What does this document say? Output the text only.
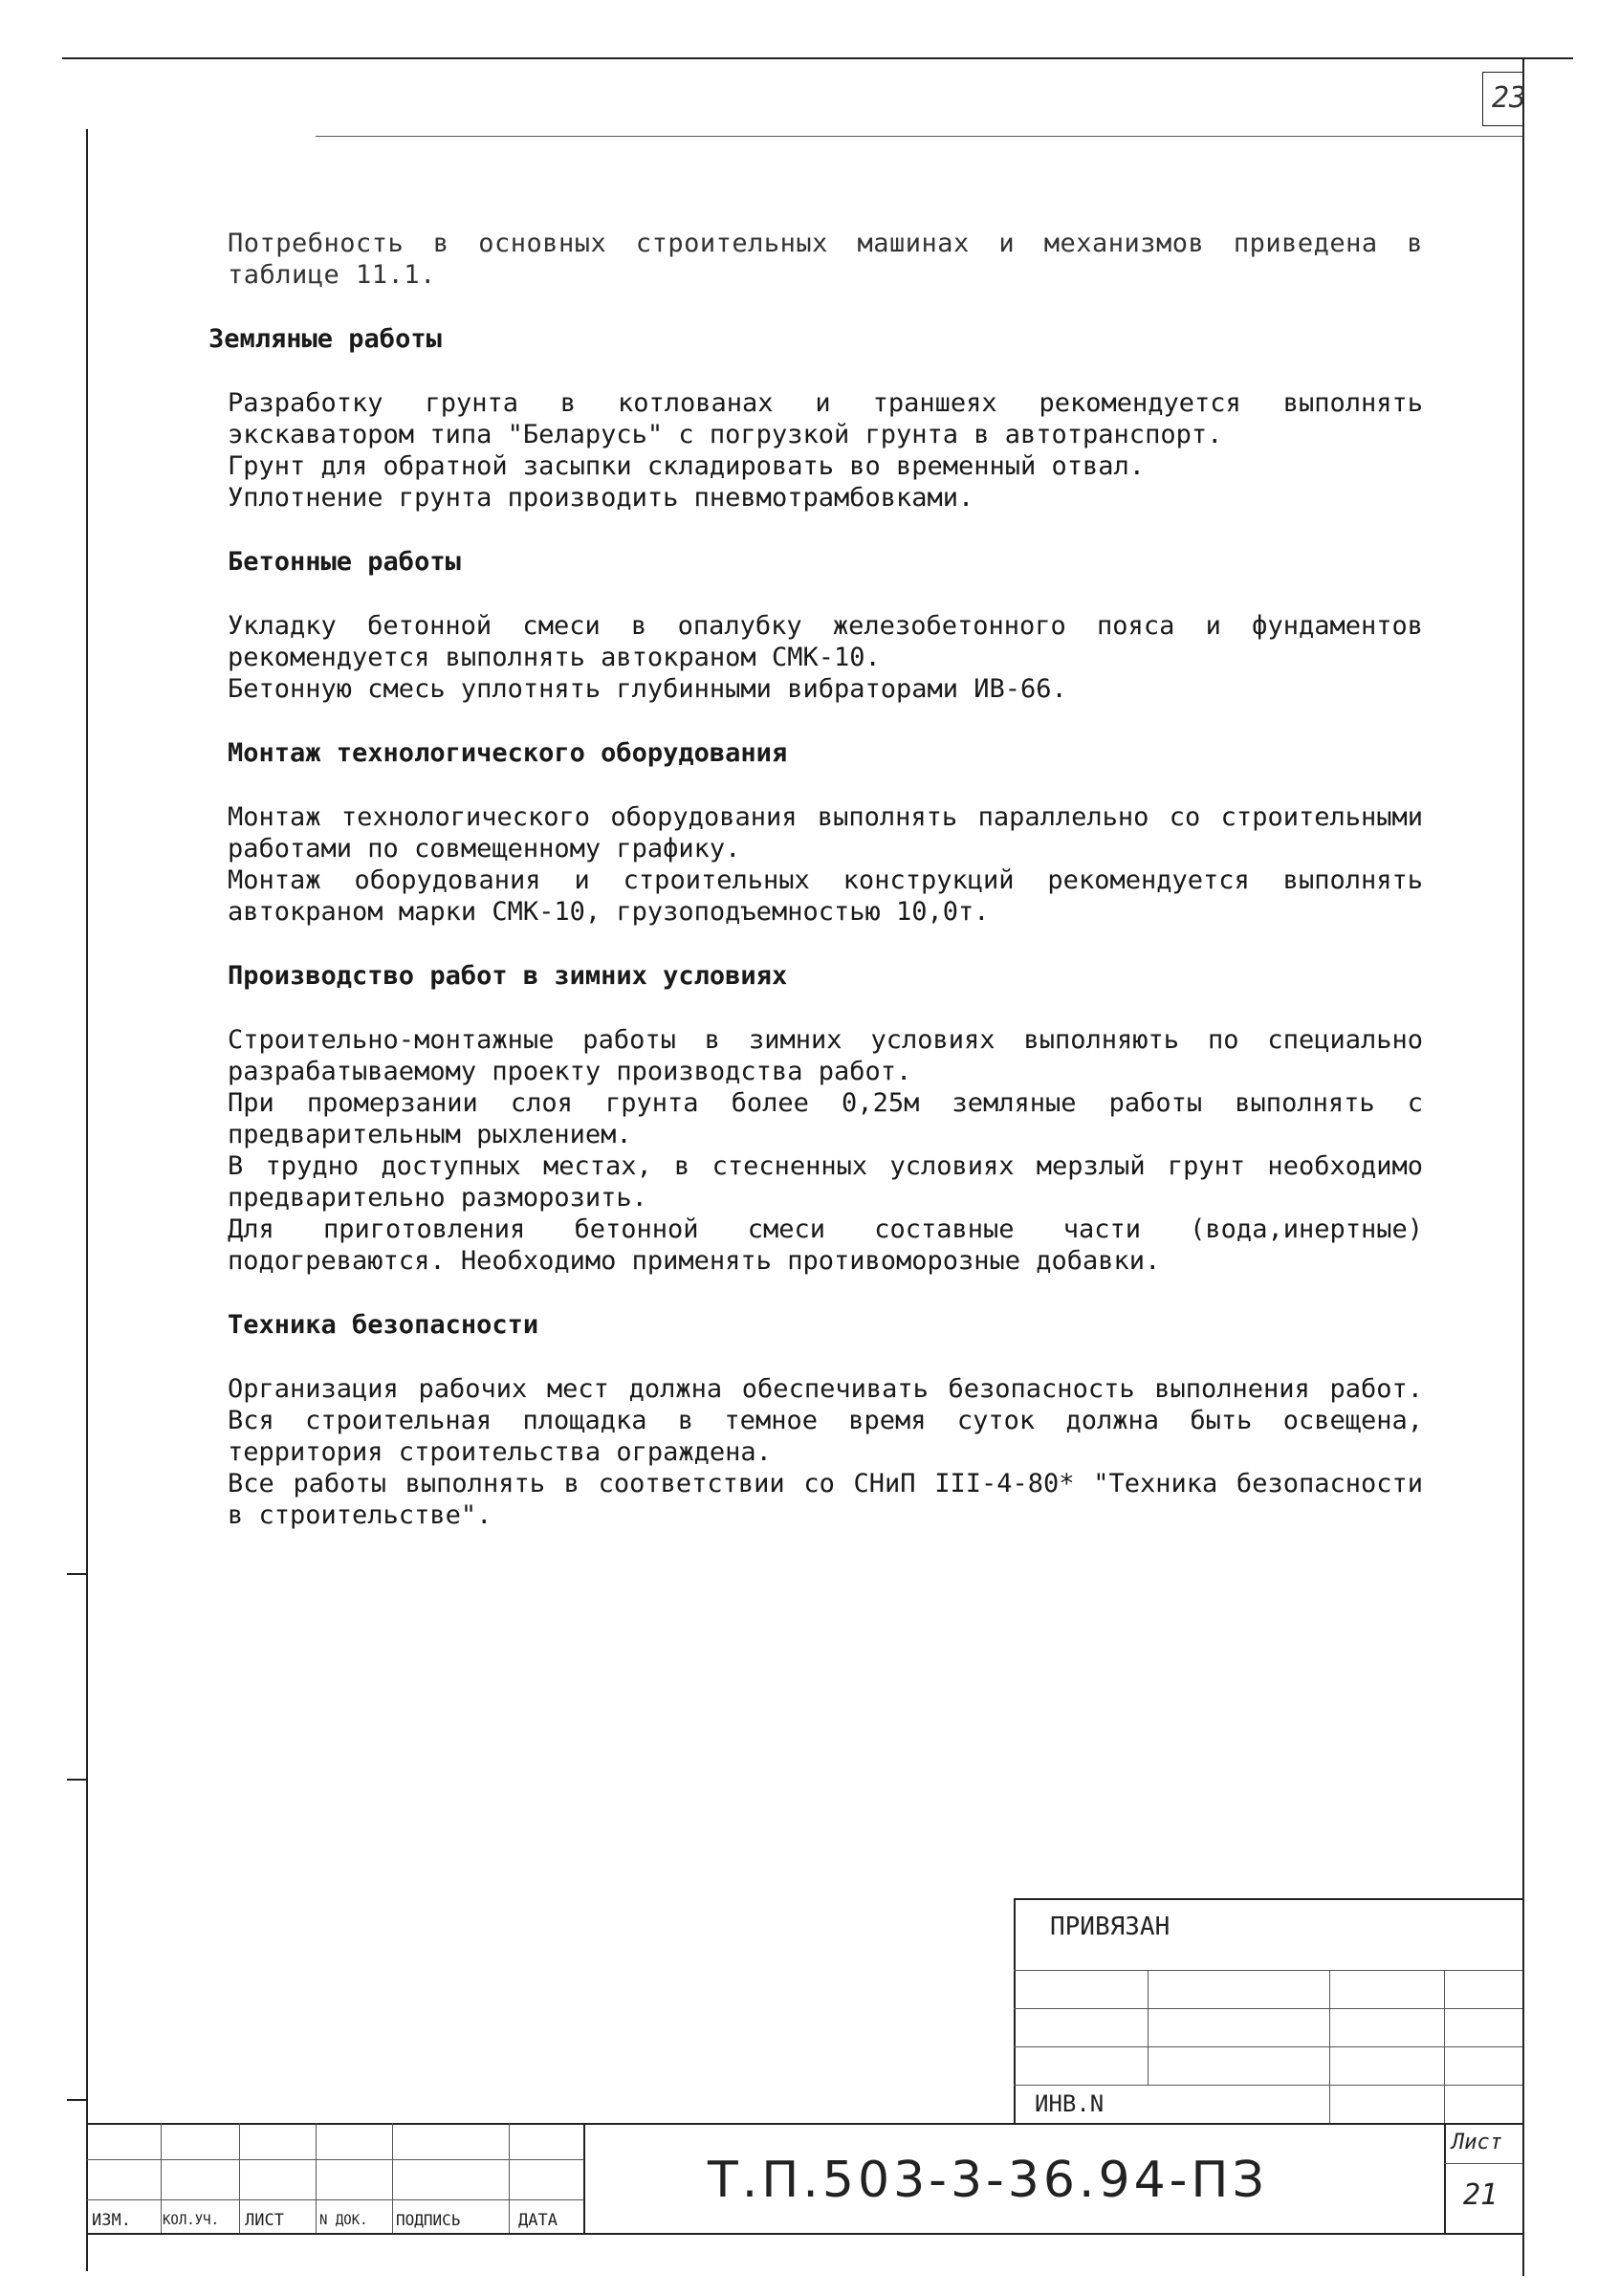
23

Потребность в основных строительных машинах и механизмов приведена в таблице 11.1.

Земляные работы

Разработку грунта в котлованах и траншеях рекомендуется выполнять экскаватором типа "Беларусь" с погрузкой грунта в автотранспорт.

Грунт для обратной засыпки складировать во временный отвал.

Уплотнение грунта производить пневмотрамбовками.

Бетонные работы

Укладку бетонной смеси в опалубку железобетонного пояса и фундаментов рекомендуется выполнять автокраном СМК-10.

Бетонную смесь уплотнять глубинными вибраторами ИВ-66.

Монтаж технологического оборудования

Монтаж технологического оборудования выполнять параллельно со строительными работами по совмещенному графику.

Монтаж оборудования и строительных конструкций рекомендуется выполнять автокраном марки СМК-10, грузоподъемностью 10,0т.

Производство работ в зимних условиях

Строительно-монтажные работы в зимних условиях выполняють по специально разрабатываемому проекту производства работ.

При промерзании слоя грунта более 0,25м земляные работы выполнять с предварительным рыхлением.

В трудно доступных местах, в стесненных условиях мерзлый грунт необходимо предварительно разморозить.

Для приготовления бетонной смеси составные части (вода,инертные) подогреваются. Необходимо применять противоморозные добавки.

Техника безопасности

Организация рабочих мест должна обеспечивать безопасность выполнения работ. Вся строительная площадка в темное время суток должна быть освещена, территория строительства ограждена.

Все работы выполнять в соответствии со СНиП III-4-80* "Техника безопасности в строительстве".

ПРИВЯЗАН
ИНВ.N
ИЗМ. КОЛ.УЧ. ЛИСТ	N ДОК. ПОДПИСЬ	ДАТА
Т.П.503-3-36.94-ПЗ
Лист
21
